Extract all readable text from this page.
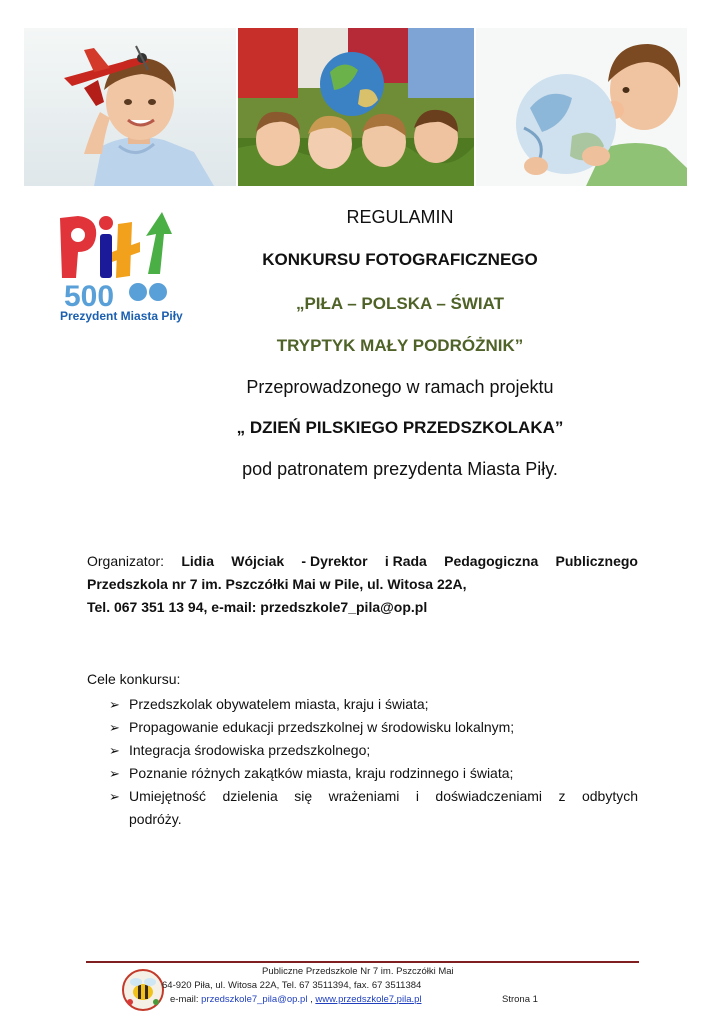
500
Prezydent Miasta Piły
REGULAMIN
KONKURSU FOTOGRAFICZNEGO
„PIŁA – POLSKA – ŚWIAT
TRYPTYK MAŁY PODRÓŻNIK”
Przeprowadzonego w ramach projektu
„ DZIEŃ PILSKIEGO PRZEDSZKOLAKA”
pod patronatem prezydenta Miasta Piły.
Organizator: Lidia Wójciak - Dyrektor i Rada Pedagogiczna Publicznego
Przedszkola nr 7 im. Pszczółki Mai w Pile, ul. Witosa 22A,
Tel. 067 351 13 94, e-mail: przedszkole7_pila@op.pl
Cele konkursu:
➢ Przedszkolak obywatelem miasta, kraju i świata;
➢ Propagowanie edukacji przedszkolnej w środowisku lokalnym;
➢ Integracja środowiska przedszkolnego;
➢ Poznanie różnych zakątków miasta, kraju rodzinnego i świata;
➢ Umiejętność dzielenia się wrażeniami i doświadczeniami z odbytych
podróży.
Publiczne Przedszkole Nr 7 im. Pszczółki Mai
64-920 Piła, ul. Witosa 22A, Tel. 67 3511394, fax. 67 3511384
e-mail: przedszkole7_pila@op.pl , www.przedszkole7.pila.pl	Strona 1
